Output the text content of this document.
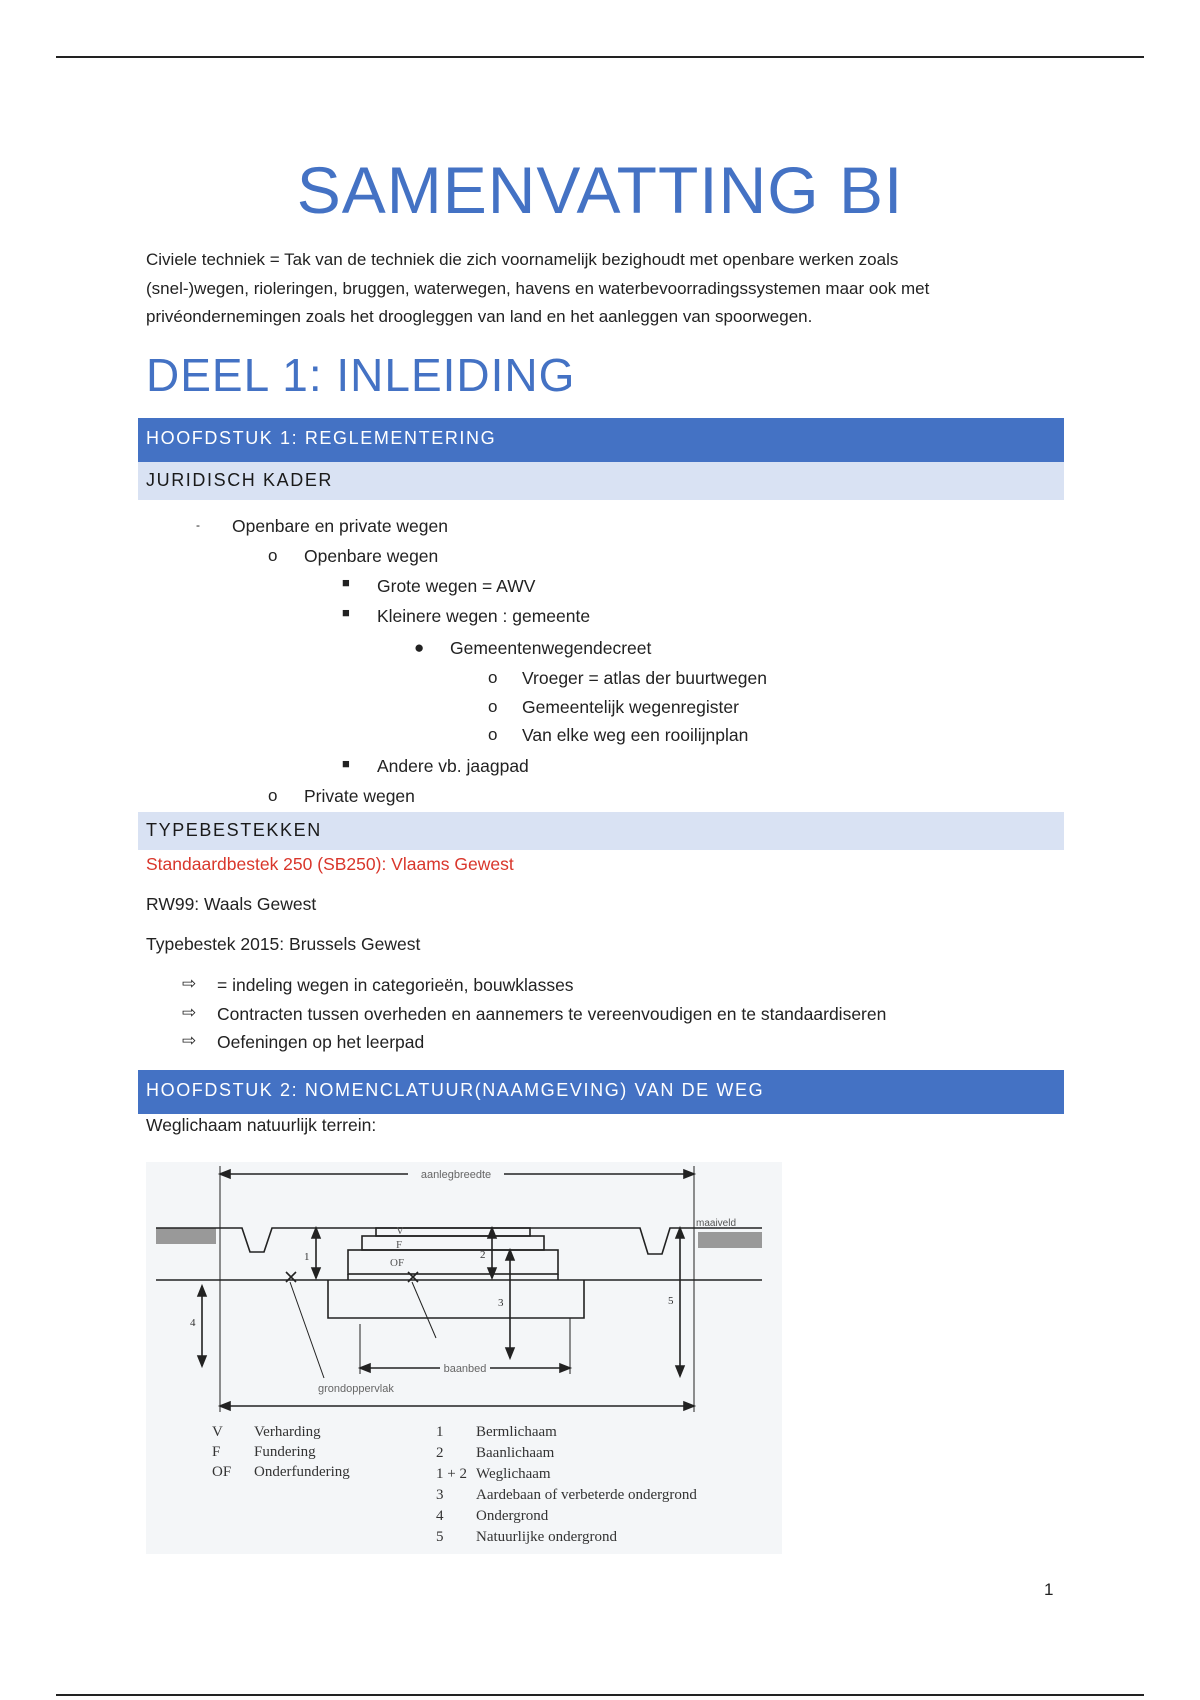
SAMENVATTING BI
Civiele techniek = Tak van de techniek die zich voornamelijk bezighoudt met openbare werken zoals
(snel-)wegen, rioleringen, bruggen, waterwegen, havens en waterbevoorradingssystemen maar ook met
privéondernemingen zoals het droogleggen van land en het aanleggen van spoorwegen.
DEEL 1: INLEIDING
HOOFDSTUK 1: REGLEMENTERING
JURIDISCH KADER
- Openbare en private wegen
o Openbare wegen
■ Grote wegen = AWV
■ Kleinere wegen : gemeente
● Gemeentenwegendecreet
o Vroeger = atlas der buurtwegen
o Gemeentelijk wegenregister
o Van elke weg een rooilijnplan
■ Andere vb. jaagpad
o Private wegen
TYPEBESTEKKEN
Standaardbestek 250 (SB250): Vlaams Gewest
RW99: Waals Gewest
Typebestek 2015: Brussels Gewest
⇨ = indeling wegen in categorieën, bouwklasses
⇨ Contracten tussen overheden en aannemers te vereenvoudigen en te standaardiseren
⇨ Oefeningen op het leerpad
HOOFDSTUK 2: NOMENCLATUUR(NAAMGEVING) VAN DE WEG
Weglichaam natuurlijk terrein:
aanlegbreedte
maaiveld
V
F
OF
1	2
3
4
5
baanbed
grondoppervlak
V Verharding
F Fundering
OF Onderfundering
1 Bermlichaam
2 Baanlichaam
1 + 2 Weglichaam
3 Aardebaan of verbeterde ondergrond
4 Ondergrond
5 Natuurlijke ondergrond
1
